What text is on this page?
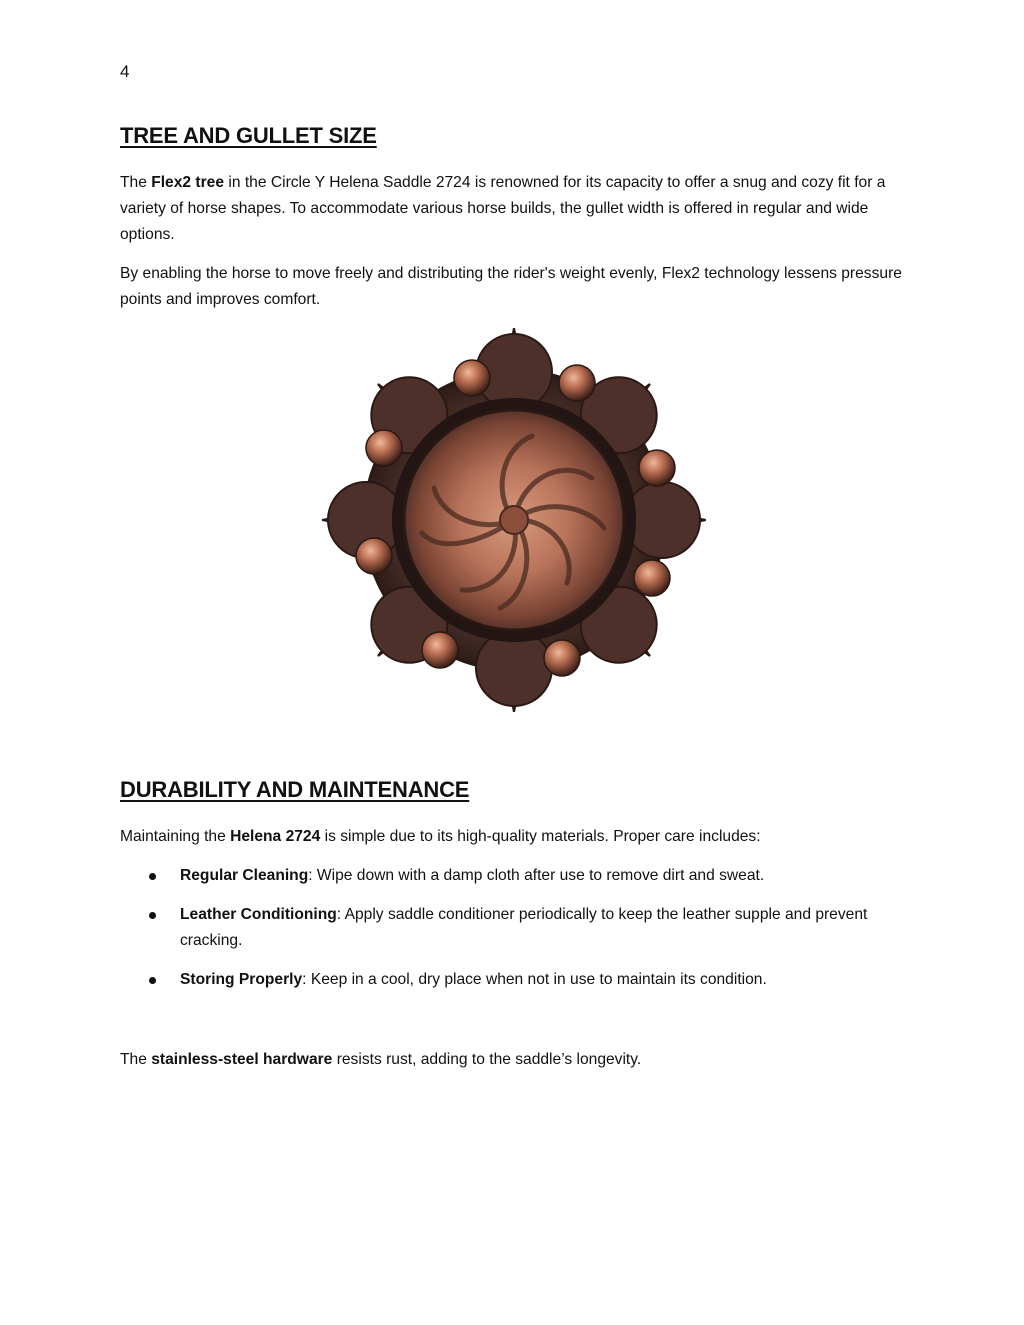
4
TREE AND GULLET SIZE

The Flex2 tree in the Circle Y Helena Saddle 2724 is renowned for its capacity to offer a snug and cozy fit for a variety of horse shapes. To accommodate various horse builds, the gullet width is offered in regular and wide options.

By enabling the horse to move freely and distributing the rider's weight evenly, Flex2 technology lessens pressure points and improves comfort.

DURABILITY AND MAINTENANCE

Maintaining the Helena 2724 is simple due to its high-quality materials. Proper care includes:

Regular Cleaning: Wipe down with a damp cloth after use to remove dirt and sweat.
Leather Conditioning: Apply saddle conditioner periodically to keep the leather supple and prevent cracking.
Storing Properly: Keep in a cool, dry place when not in use to maintain its condition.

The stainless-steel hardware resists rust, adding to the saddle’s longevity.
